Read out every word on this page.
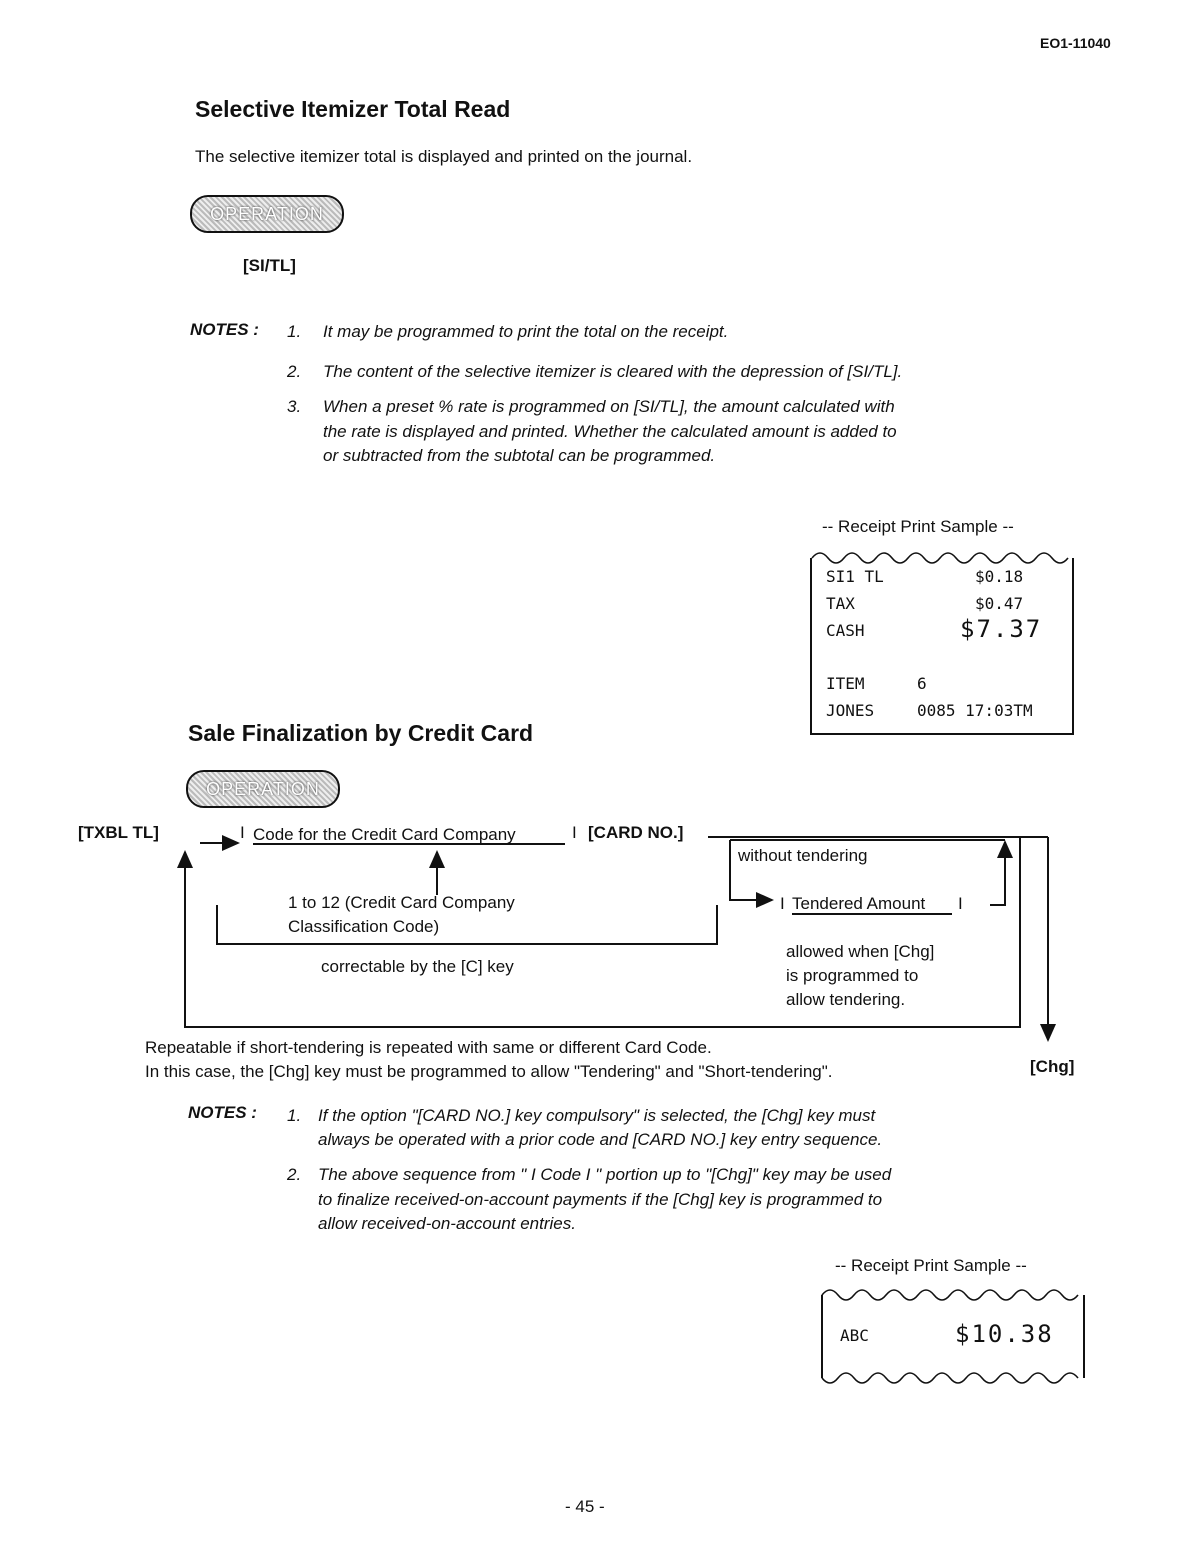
EO1-11040
Selective Itemizer Total Read
The selective itemizer total is displayed and printed on the journal.
OPERATION
[SI/TL]
NOTES : 1. It may be programmed to print the total on the receipt.
2. The content of the selective itemizer is cleared with the depression of [SI/TL].
3. When a preset % rate is programmed on [SI/TL], the amount calculated with
the rate is displayed and printed. Whether the calculated amount is added to
or subtracted from the subtotal can be programmed.
-- Receipt Print Sample --
SI1 TL	$0.18
TAX	$0.47
CASH	$7.37
ITEM	6
JONES	0085 17:03TM
Sale Finalization by Credit Card
OPERATION
[TXBL TL]	I Code for the Credit Card Company	I [CARD NO.]
1 to 12 (Credit Card Company
Classification Code)
correctable by the [C] key
without tendering
I Tendered Amount I
allowed when [Chg]
is programmed to
allow tendering.
Repeatable if short-tendering is repeated with same or different Card Code.
In this case, the [Chg] key must be programmed to allow "Tendering" and "Short-tendering".	[Chg]
NOTES : 1. If the option "[CARD NO.] key compulsory" is selected, the [Chg] key must
always be operated with a prior code and [CARD NO.] key entry sequence.
2. The above sequence from " I Code I " portion up to "[Chg]" key may be used
to finalize received-on-account payments if the [Chg] key is programmed to
allow received-on-account entries.
-- Receipt Print Sample --
ABC	$10.38
- 45 -
